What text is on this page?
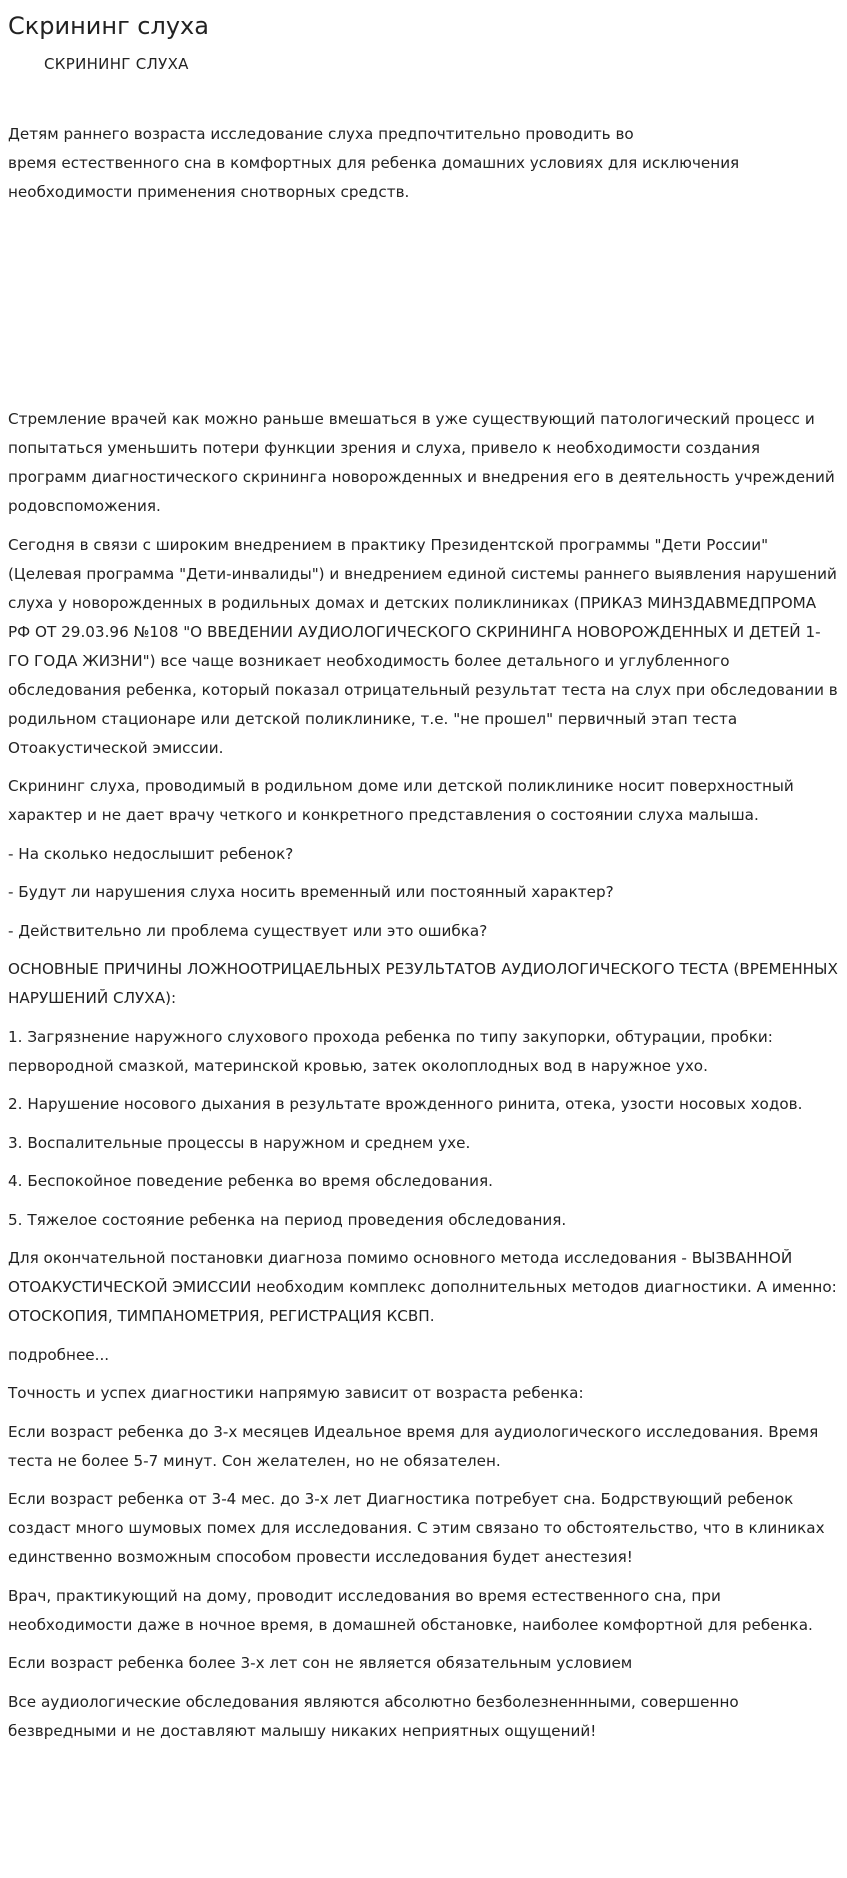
Скрининг слуха
СКРИНИНГ СЛУХА
Детям раннего возраста исследование слуха предпочтительно проводить во
время естественного сна в комфортных для ребенка домашних условиях для исключения
необходимости применения снотворных средств.

Стремление врачей как можно раньше вмешаться в уже существующий патологический процесс и попытаться уменьшить потери функции зрения и слуха, привело к необходимости создания программ диагностического скрининга новорожденных и внедрения его в деятельность учреждений родовспоможения.

Сегодня в связи с широким внедрением в практику Президентской программы "Дети России" (Целевая программа "Дети-инвалиды") и внедрением единой системы раннего выявления нарушений слуха у новорожденных в родильных домах и детских поликлиниках (ПРИКАЗ МИНЗДАВМЕДПРОМА РФ ОТ 29.03.96 №108 "О ВВЕДЕНИИ АУДИОЛОГИЧЕСКОГО СКРИНИНГА НОВОРОЖДЕННЫХ И ДЕТЕЙ 1-ГО ГОДА ЖИЗНИ") все чаще возникает необходимость более детального и углубленного обследования ребенка, который показал отрицательный результат теста на слух при обследовании в родильном стационаре или детской поликлинике, т.е. "не прошел" первичный этап теста Отоакустической эмиссии.

Скрининг слуха, проводимый в родильном доме или детской поликлинике носит поверхностный характер и не дает врачу четкого и конкретного представления о состоянии слуха малыша.

- На сколько недослышит ребенок?

- Будут ли нарушения слуха носить временный или постоянный характер?

- Действительно ли проблема существует или это ошибка?

ОСНОВНЫЕ ПРИЧИНЫ ЛОЖНООТРИЦАЕЛЬНЫХ РЕЗУЛЬТАТОВ АУДИОЛОГИЧЕСКОГО ТЕСТА (ВРЕМЕННЫХ НАРУШЕНИЙ СЛУХА):

1. Загрязнение наружного слухового прохода ребенка по типу закупорки, обтурации, пробки: первородной смазкой, материнской кровью, затек околоплодных вод в наружное ухо.

2. Нарушение носового дыхания в результате врожденного ринита, отека, узости носовых ходов.

3. Воспалительные процессы в наружном и среднем ухе.

4. Беспокойное поведение ребенка во время обследования.

5. Тяжелое состояние ребенка на период проведения обследования.

Для окончательной постановки диагноза помимо основного метода исследования - ВЫЗВАННОЙ ОТОАКУСТИЧЕСКОЙ ЭМИССИИ необходим комплекс дополнительных методов диагностики. А именно: ОТОСКОПИЯ, ТИМПАНОМЕТРИЯ, РЕГИСТРАЦИЯ КСВП.

подробнее...

Точность и успех диагностики напрямую зависит от возраста ребенка:

Если возраст ребенка до 3-х месяцев Идеальное время для аудиологического исследования. Время теста не более 5-7 минут. Сон желателен, но не обязателен.

Если возраст ребенка от 3-4 мес. до 3-х лет Диагностика потребует сна. Бодрствующий ребенок создаст много шумовых помех для исследования. С этим связано то обстоятельство, что в клиниках единственно возможным способом провести исследования будет анестезия!

Врач, практикующий на дому, проводит исследования во время естественного сна, при необходимости даже в ночное время, в домашней обстановке, наиболее комфортной для ребенка.

Если возраст ребенка более 3-х лет сон не является обязательным условием

Все аудиологические обследования являются абсолютно безболезненнными, совершенно безвредными и не доставляют малышу никаких неприятных ощущений!
